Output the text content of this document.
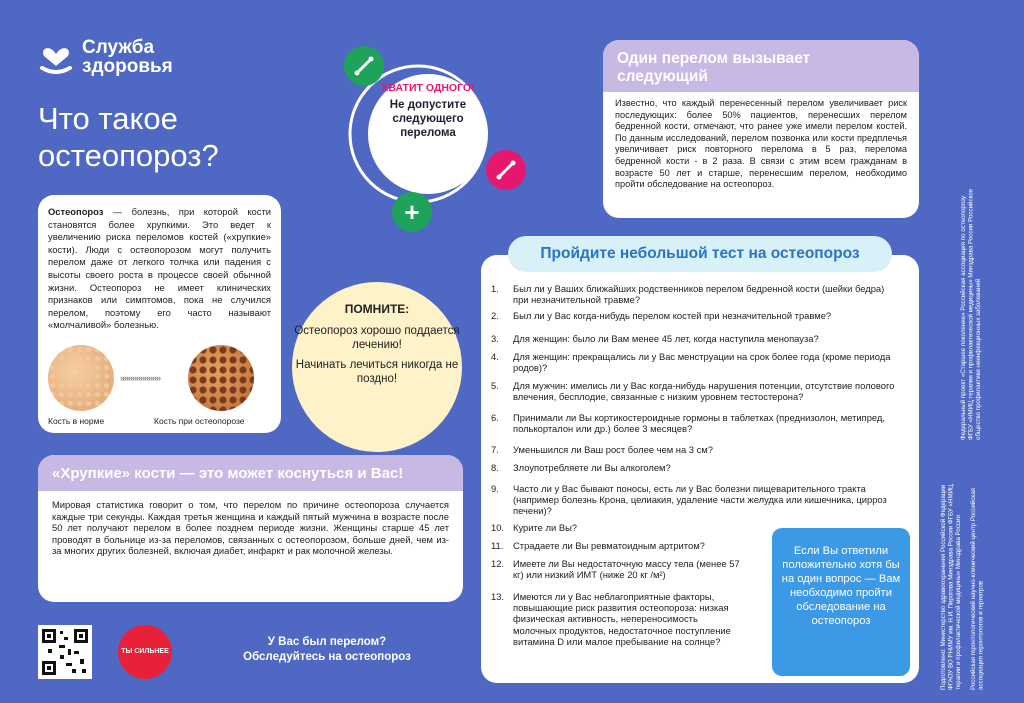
Служба
здоровья
Что такое
остеопороз?

Остеопороз — болезнь, при которой кости становятся более хрупкими. Это ведет к увеличению риска переломов костей («хрупкие» кости). Люди с остеопорозом могут получить перелом даже от легкого толчка или падения с высоты своего роста в процессе своей обычной жизни. Остеопороз не имеет клинических признаков или симптомов, пока не случился перелом, поэтому его часто называют «молчаливой» болезнью.

»»»»»»»»»»
Кость в норме	Кость при остеопорозе
ХВАТИТ ОДНОГО!
Не допустите следующего перелома
+
ПОМНИТЕ:

Остеопороз хорошо поддается лечению!

Начинать лечиться никогда не поздно!

Один перелом вызывает следующий
Известно, что каждый перенесенный перелом увеличивает риск последующих: более 50% пациентов, перенесших перелом бедренной кости, отмечают, что ранее уже имели перелом костей. По данным исследований, перелом позвонка или кости предплечья увеличивает риск повторного перелома в 5 раз, перелома бедренной кости - в 2 раза. В связи с этим всем гражданам в возрасте 50 лет и старше, перенесшим перелом, необходимо пройти обследование на остеопороз.
1.	Был ли у Ваших ближайших родственников перелом бедренной кости (шейки бедра) при незначительной травме?
2.	Был ли у Вас когда-нибудь перелом костей при незначительной травме?
3.	Для женщин: было ли Вам менее 45 лет, когда наступила менопауза?
4.	Для женщин: прекращались ли у Вас менструации на срок более года (кроме периода родов)?
5.	Для мужчин: имелись ли у Вас когда-нибудь нарушения потенции, отсутствие полового влечения, бесплодие, связанные с низким уровнем тестостерона?
6.	Принимали ли Вы кортикостероидные гормоны в таблетках (преднизолон, метипред, полькорталон или др.) более 3 месяцев?
7.	Уменьшился ли Ваш рост более чем на 3 см?
8.	Злоупотребляете ли Вы алкоголем?
9.	Часто ли у Вас бывают поносы, есть ли у Вас болезни пищеварительного тракта (например болезнь Крона, целиакия, удаление части желудка или кишечника, цирроз печени)?
10. Курите ли Вы?
11.	Страдаете ли Вы ревматоидным артритом?
12. Имеете ли Вы недостаточную массу тела (менее 57 кг) или низкий ИМТ (ниже 20 кг /м²)
13. Имеются ли у Вас неблагоприятные факторы, повышающие риск развития остеопороза: низкая физическая активность, непереносимость молочных продуктов, недостаточное поступление витамина D или малое пребывание на солнце?
Пройдите небольшой тест на остеопороз
Если Вы ответили положительно хотя бы на один вопрос — Вам необходимо пройти обследование на остеопороз
«Хрупкие» кости — это может коснуться и Вас!
Мировая статистика говорит о том, что перелом по причине остеопороза случается каждые три секунды. Каждая третья женщина и каждый пятый мужчина в возрасте после 50 лет получают перелом в более позднем периоде жизни. Женщины старше 45 лет проводят в больнице из-за переломов, связанных с остеопорозом, больше дней, чем из-за многих других болезней, включая диабет, инфаркт и рак молочной железы.
ТЫ СИЛЬНЕЕ
У Вас был перелом?
Обследуйтесь на остеопороз	Подготовлено: Министерство здравоохранения Российской Федерации ФГАОУ ВО РНИМУ им. Н.И. Пирогова Минздрава России ФГБУ «НМИЦ терапии и профилактической медицины» Минздрава России	Российская геронтологический научно-клинический центр Российская ассоциация геронтологов и гериатров
Федеральный проект «Старшее поколение» Российская ассоциация по остеопорозу ФГБУ «НМИЦ терапии и профилактической медицины» Минздрава России Российское общество профилактики неинфекционных заболеваний
